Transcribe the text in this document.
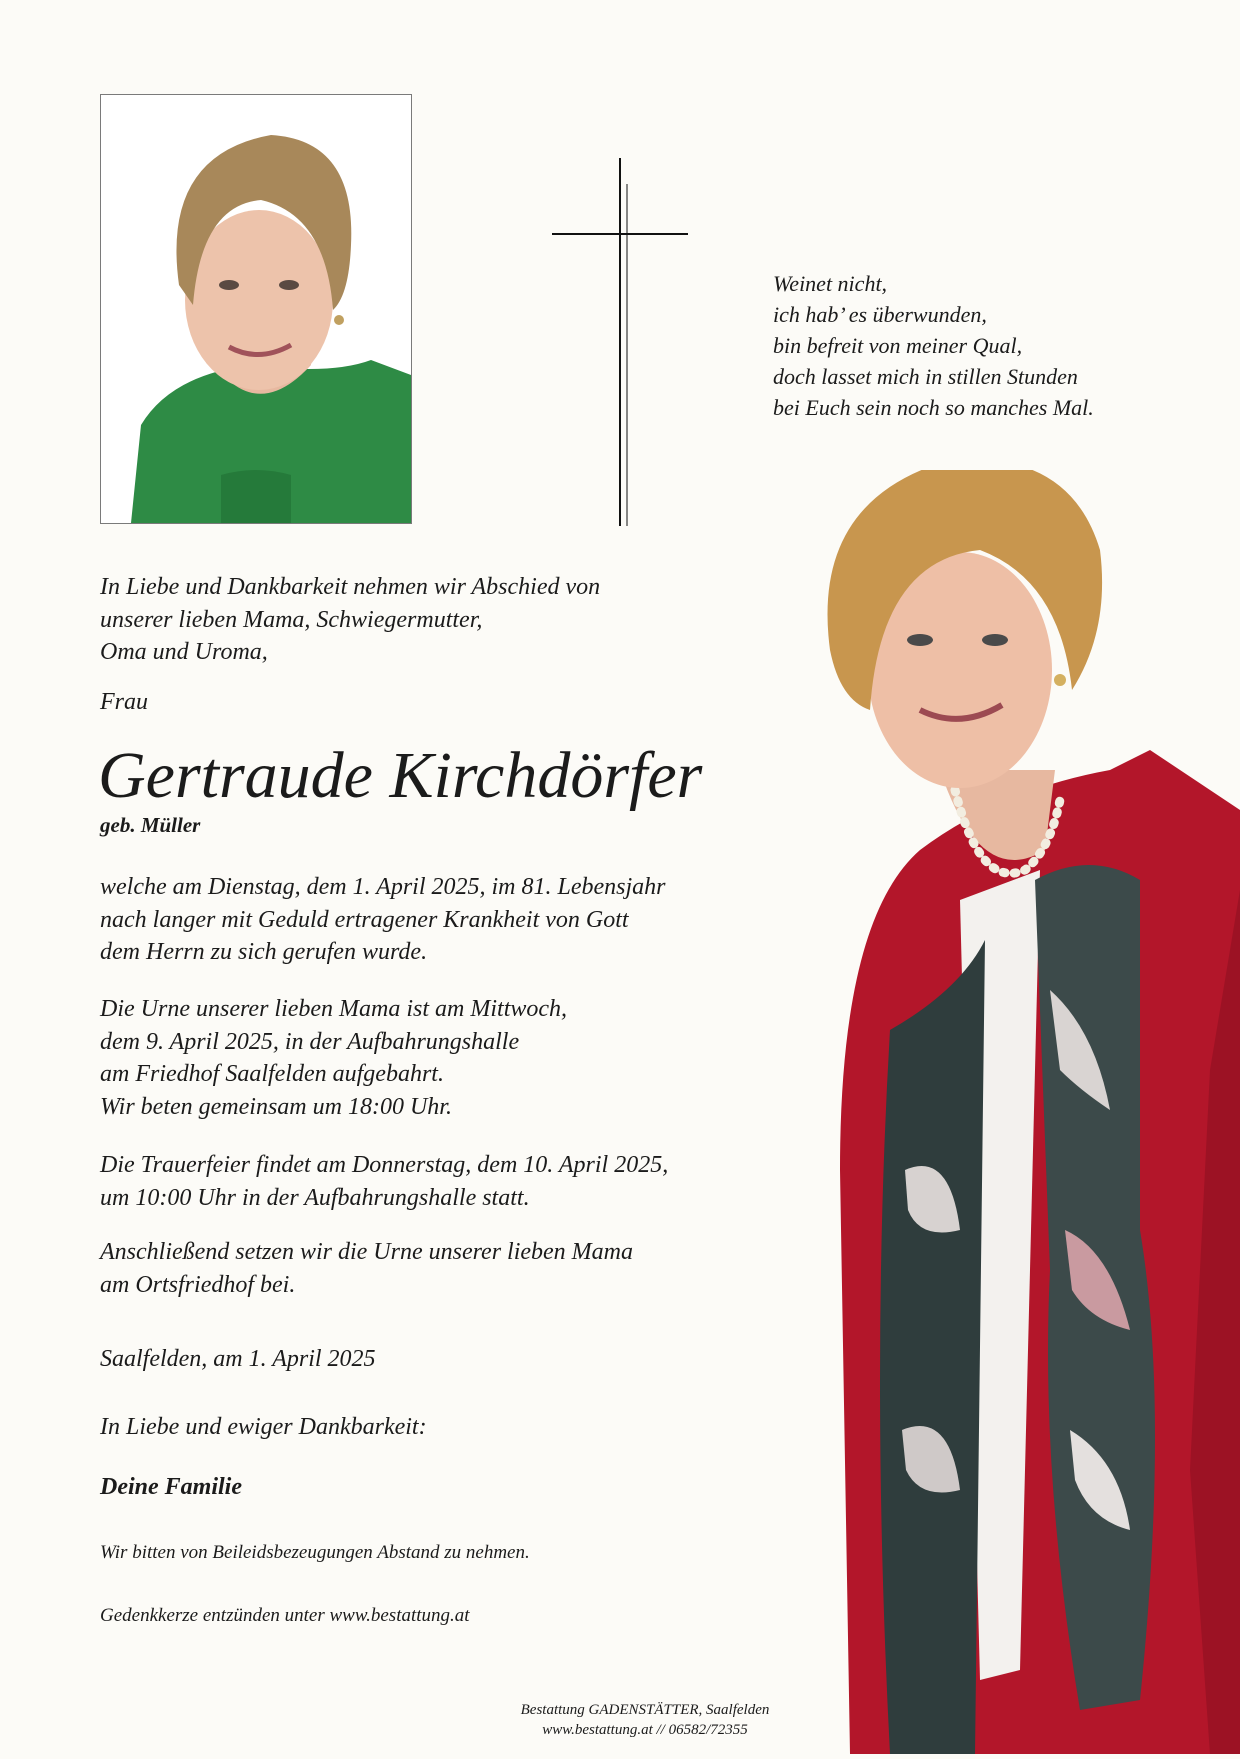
Weinet nicht,
ich hab’ es überwunden,
bin befreit von meiner Qual,
doch lasset mich in stillen Stunden
bei Euch sein noch so manches Mal.
In Liebe und Dankbarkeit nehmen wir Abschied von
unserer lieben Mama, Schwiegermutter,
Oma und Uroma,
Frau
Gertraude Kirchdörfer
geb. Müller
welche am Dienstag, dem 1. April 2025, im 81. Lebensjahr
nach langer mit Geduld ertragener Krankheit von Gott
dem Herrn zu sich gerufen wurde.
Die Urne unserer lieben Mama ist am Mittwoch,
dem 9. April 2025, in der Aufbahrungshalle
am Friedhof Saalfelden aufgebahrt.
Wir beten gemeinsam um 18:00 Uhr.
Die Trauerfeier findet am Donnerstag, dem 10. April 2025,
um 10:00 Uhr in der Aufbahrungshalle statt.
Anschließend setzen wir die Urne unserer lieben Mama
am Ortsfriedhof bei.
Saalfelden, am 1. April 2025
In Liebe und ewiger Dankbarkeit:
Deine Familie
Wir bitten von Beileidsbezeugungen Abstand zu nehmen.
Gedenkkerze entzünden unter www.bestattung.at
Bestattung GADENSTÄTTER, Saalfelden
www.bestattung.at // 06582/72355
